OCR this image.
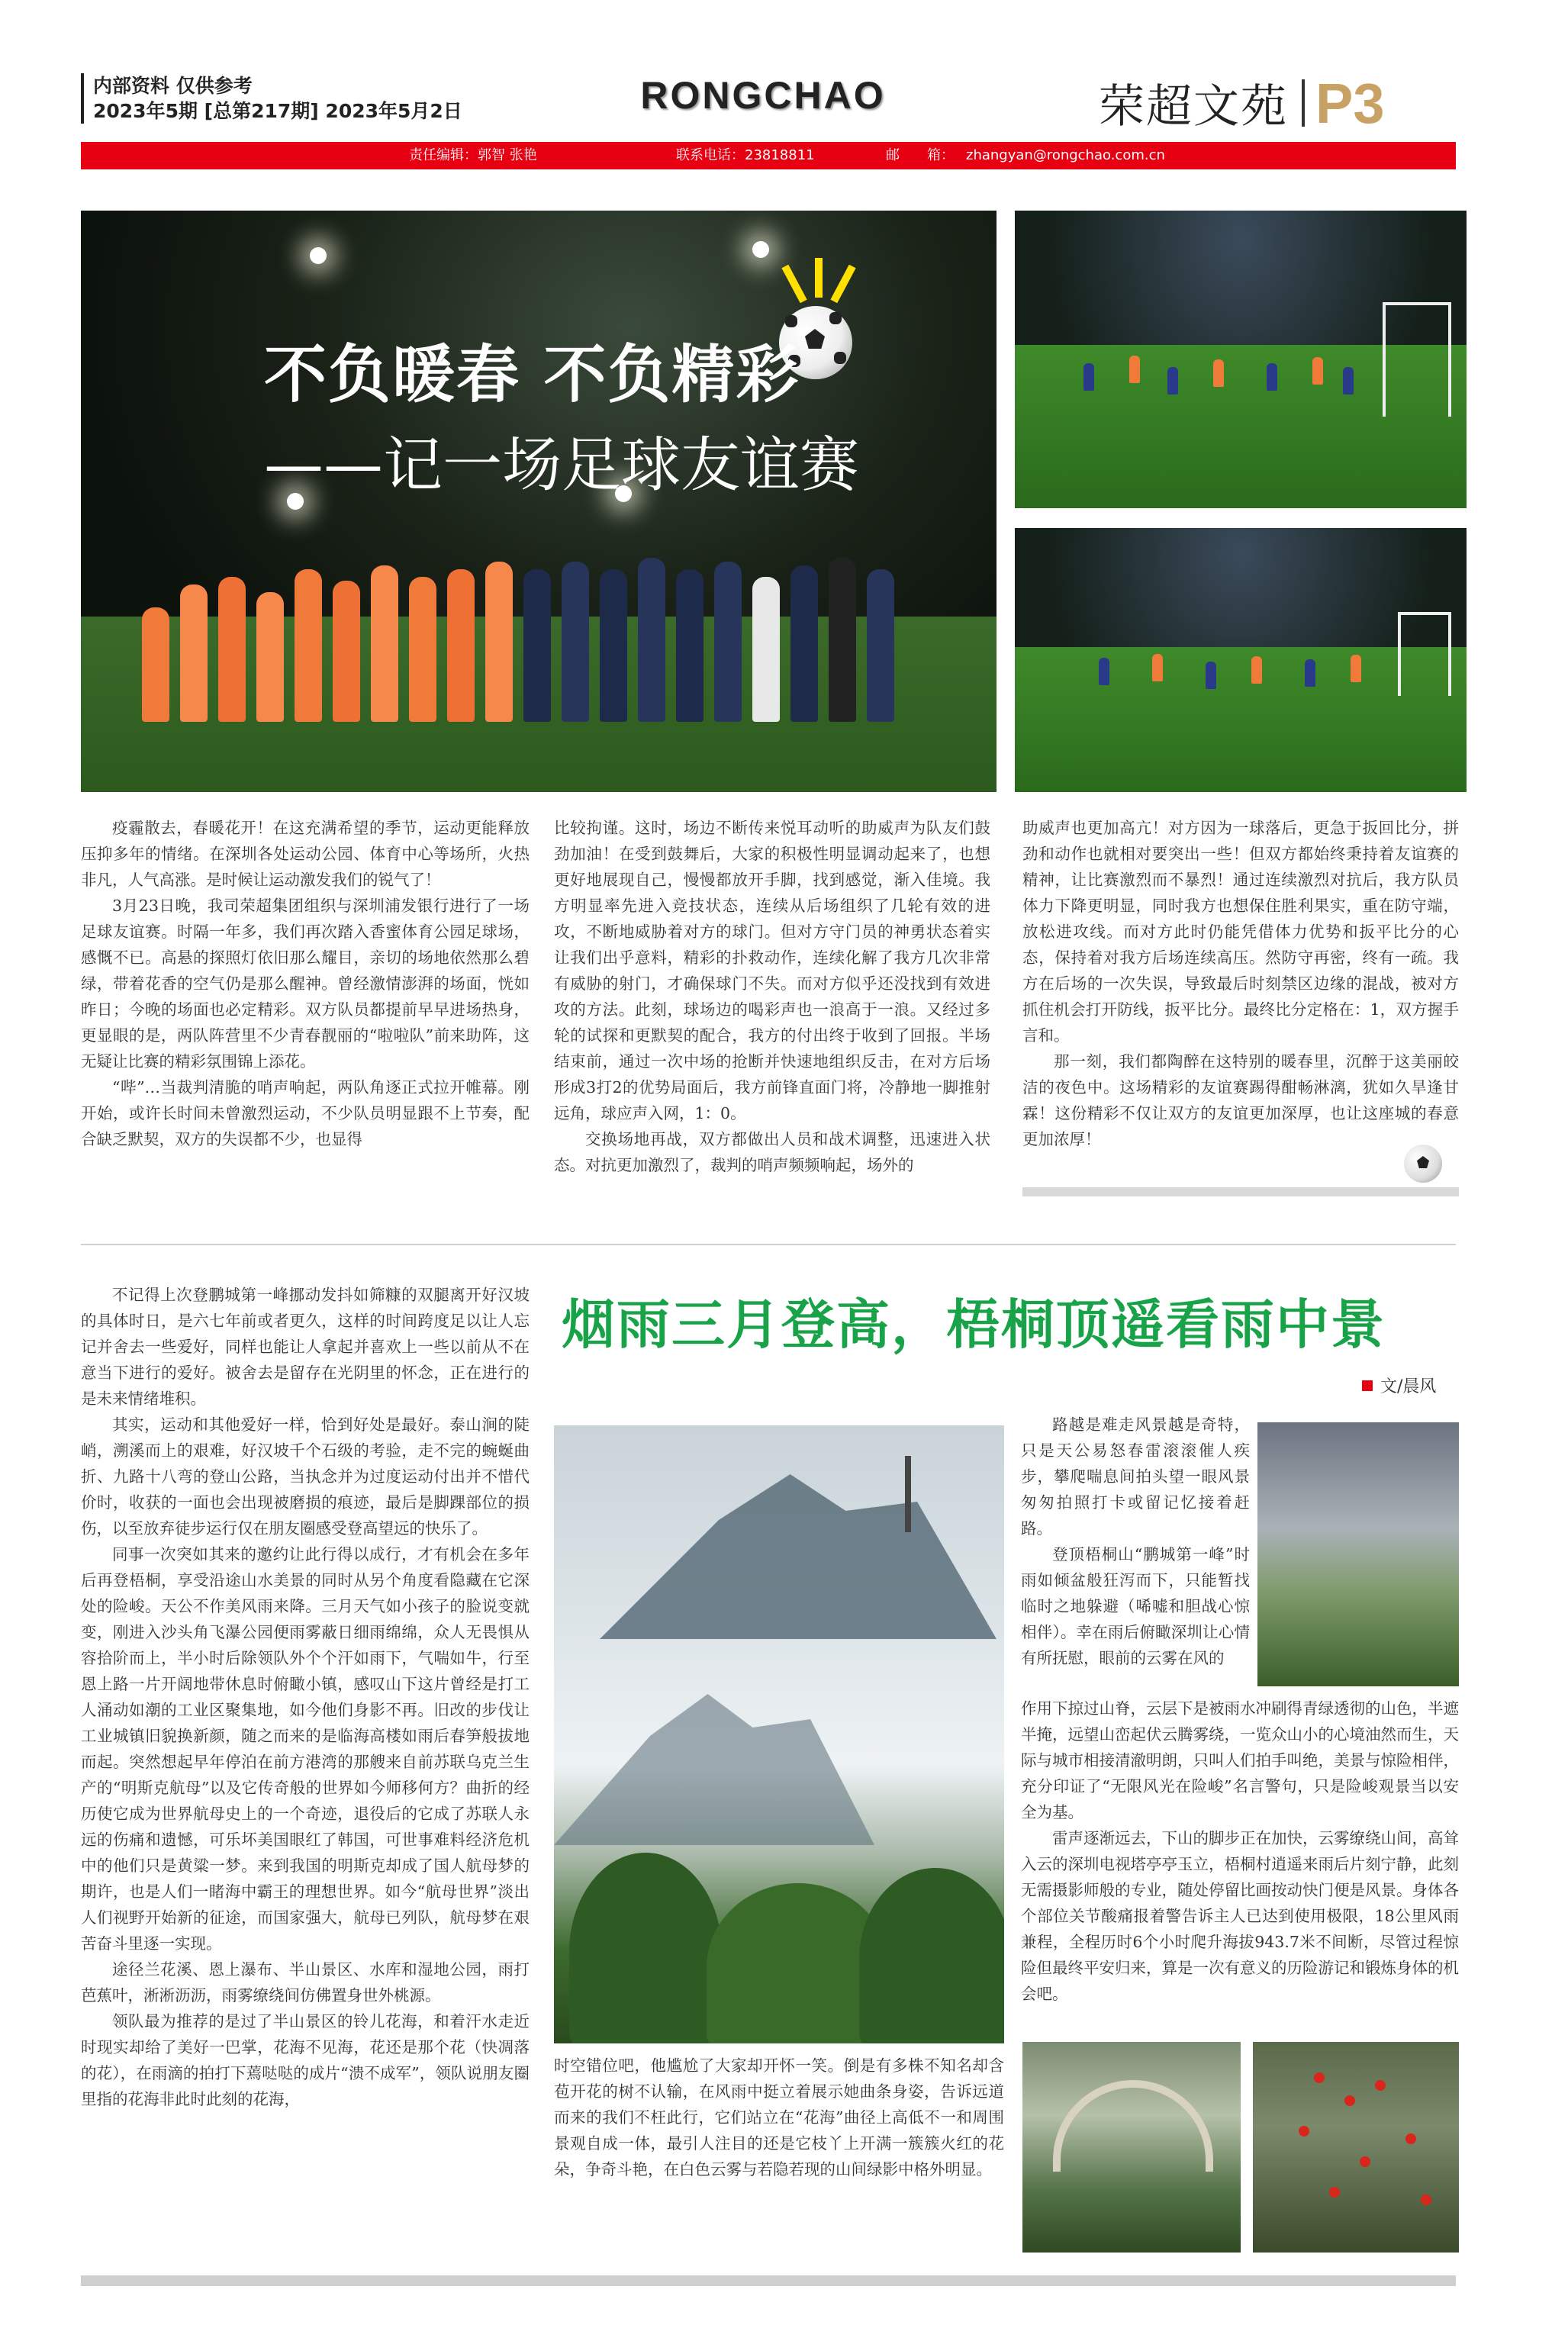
内部资料 仅供参考
2023年5期 [总第217期] 2023年5月2日	RONGCHAO	荣超文苑 P3
责任编辑：郭智 张艳	联系电话：23818811	邮　　箱： zhangyan@rongchao.com.cn
不负暖春 不负精彩
——记一场足球友谊赛

疫霾散去，春暖花开！在这充满希望的季节，运动更能释放压抑多年的情绪。在深圳各处运动公园、体育中心等场所，火热非凡，人气高涨。是时候让运动激发我们的锐气了！

3月23日晚，我司荣超集团组织与深圳浦发银行进行了一场足球友谊赛。时隔一年多，我们再次踏入香蜜体育公园足球场，感慨不已。高悬的探照灯依旧那么耀目，亲切的场地依然那么碧绿，带着花香的空气仍是那么醒神。曾经激情澎湃的场面，恍如昨日；今晚的场面也必定精彩。双方队员都提前早早进场热身，更显眼的是，两队阵营里不少青春靓丽的“啦啦队”前来助阵，这无疑让比赛的精彩氛围锦上添花。

“哔”…当裁判清脆的哨声响起，两队角逐正式拉开帷幕。刚开始，或许长时间未曾激烈运动，不少队员明显跟不上节奏，配合缺乏默契，双方的失误都不少，也显得

比较拘谨。这时，场边不断传来悦耳动听的助威声为队友们鼓劲加油！在受到鼓舞后，大家的积极性明显调动起来了，也想更好地展现自己，慢慢都放开手脚，找到感觉，渐入佳境。我方明显率先进入竞技状态，连续从后场组织了几轮有效的进攻，不断地威胁着对方的球门。但对方守门员的神勇状态着实让我们出乎意料，精彩的扑救动作，连续化解了我方几次非常有威胁的射门，才确保球门不失。而对方似乎还没找到有效进攻的方法。此刻，球场边的喝彩声也一浪高于一浪。又经过多轮的试探和更默契的配合，我方的付出终于收到了回报。半场结束前，通过一次中场的抢断并快速地组织反击，在对方后场形成3打2的优势局面后，我方前锋直面门将，冷静地一脚推射远角，球应声入网，1：0。

交换场地再战，双方都做出人员和战术调整，迅速进入状态。对抗更加激烈了，裁判的哨声频频响起，场外的

助威声也更加高亢！对方因为一球落后，更急于扳回比分，拼劲和动作也就相对要突出一些！但双方都始终秉持着友谊赛的精神，让比赛激烈而不暴烈！通过连续激烈对抗后，我方队员体力下降更明显，同时我方也想保住胜利果实，重在防守端，放松进攻线。而对方此时仍能凭借体力优势和扳平比分的心态，保持着对我方后场连续高压。然防守再密，终有一疏。我方在后场的一次失误，导致最后时刻禁区边缘的混战，被对方抓住机会打开防线，扳平比分。最终比分定格在：1，双方握手言和。

那一刻，我们都陶醉在这特别的暖春里，沉醉于这美丽皎洁的夜色中。这场精彩的友谊赛踢得酣畅淋漓，犹如久旱逢甘霖！这份精彩不仅让双方的友谊更加深厚，也让这座城的春意更加浓厚！

不记得上次登鹏城第一峰挪动发抖如筛糠的双腿离开好汉坡的具体时日，是六七年前或者更久，这样的时间跨度足以让人忘记并舍去一些爱好，同样也能让人拿起并喜欢上一些以前从不在意当下进行的爱好。被舍去是留存在光阴里的怀念，正在进行的是未来情绪堆积。

其实，运动和其他爱好一样，恰到好处是最好。泰山涧的陡峭，溯溪而上的艰难，好汉坡千个石级的考验，走不完的蜿蜒曲折、九路十八弯的登山公路，当执念并为过度运动付出并不惜代价时，收获的一面也会出现被磨损的痕迹，最后是脚踝部位的损伤，以至放弃徒步运行仅在朋友圈感受登高望远的快乐了。

同事一次突如其来的邀约让此行得以成行，才有机会在多年后再登梧桐，享受沿途山水美景的同时从另个角度看隐藏在它深处的险峻。天公不作美风雨来降。三月天气如小孩子的脸说变就变，刚进入沙头角飞瀑公园便雨雾蔽日细雨绵绵，众人无畏惧从容拾阶而上，半小时后除领队外个个汗如雨下，气喘如牛，行至恩上路一片开阔地带休息时俯瞰小镇，感叹山下这片曾经是打工人涌动如潮的工业区聚集地，如今他们身影不再。旧改的步伐让工业城镇旧貌换新颜，随之而来的是临海高楼如雨后春笋般拔地而起。突然想起早年停泊在前方港湾的那艘来自前苏联乌克兰生产的“明斯克航母”以及它传奇般的世界如今师移何方？曲折的经历使它成为世界航母史上的一个奇迹，退役后的它成了苏联人永远的伤痛和遗憾，可乐坏美国眼红了韩国，可世事难料经济危机中的他们只是黄粱一梦。来到我国的明斯克却成了国人航母梦的期许，也是人们一睹海中霸王的理想世界。如今“航母世界”淡出人们视野开始新的征途，而国家强大，航母已列队，航母梦在艰苦奋斗里逐一实现。

途径兰花溪、恩上瀑布、半山景区、水库和湿地公园，雨打芭蕉叶，淅淅沥沥，雨雾缭绕间仿佛置身世外桃源。

领队最为推荐的是过了半山景区的铃儿花海，和着汗水走近时现实却给了美好一巴掌，花海不见海，花还是那个花（快凋落的花），在雨滴的拍打下蔫哒哒的成片“溃不成军”，领队说朋友圈里指的花海非此时此刻的花海，

烟雨三月登高，梧桐顶遥看雨中景
文/晨风

时空错位吧，他尴尬了大家却开怀一笑。倒是有多株不知名却含苞开花的树不认输，在风雨中挺立着展示她曲条身姿，告诉远道而来的我们不枉此行，它们站立在“花海”曲径上高低不一和周围景观自成一体，最引人注目的还是它枝丫上开满一簇簇火红的花朵，争奇斗艳，在白色云雾与若隐若现的山间绿影中格外明显。

路越是难走风景越是奇特，只是天公易怒春雷滚滚催人疾步，攀爬喘息间拍头望一眼风景匆匆拍照打卡或留记忆接着赶路。

登顶梧桐山“鹏城第一峰”时雨如倾盆般狂泻而下，只能暂找临时之地躲避（唏嘘和胆战心惊相伴）。幸在雨后俯瞰深圳让心情有所抚慰，眼前的云雾在风的

作用下掠过山脊，云层下是被雨水冲刷得青绿透彻的山色，半遮半掩，远望山峦起伏云腾雾绕，一览众山小的心境油然而生，天际与城市相接清澈明朗，只叫人们拍手叫绝，美景与惊险相伴，充分印证了“无限风光在险峻”名言警句，只是险峻观景当以安全为基。

雷声逐渐远去，下山的脚步正在加快，云雾缭绕山间，高耸入云的深圳电视塔亭亭玉立，梧桐村逍遥来雨后片刻宁静，此刻无需摄影师般的专业，随处停留比画按动快门便是风景。身体各个部位关节酸痛报着警告诉主人已达到使用极限，18公里风雨兼程，全程历时6个小时爬升海拔943.7米不间断，尽管过程惊险但最终平安归来，算是一次有意义的历险游记和锻炼身体的机会吧。
